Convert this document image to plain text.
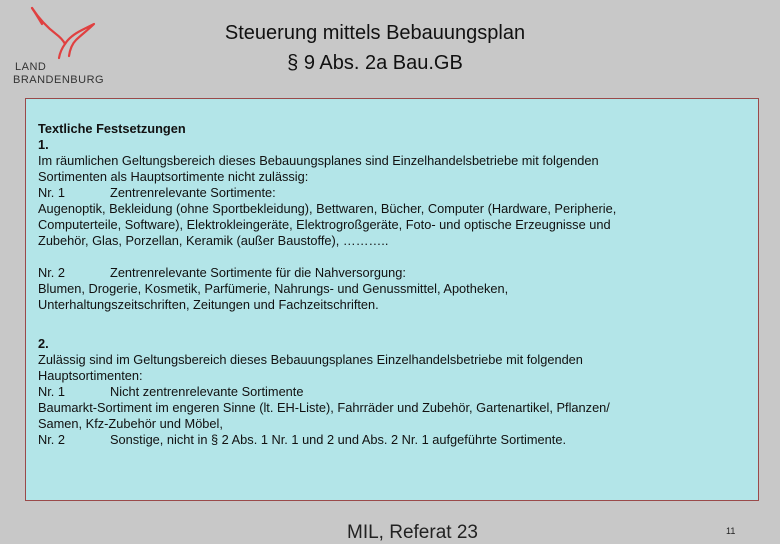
LAND
BRANDENBURG
Steuerung mittels Bebauungsplan
§ 9 Abs. 2a Bau.GB
Textliche Festsetzungen
1.
Im räumlichen Geltungsbereich dieses Bebauungsplanes sind Einzelhandelsbetriebe mit folgenden
Sortimenten als Hauptsortimente nicht zulässig:
Nr. 1	Zentrenrelevante Sortimente:
Augenoptik, Bekleidung (ohne Sportbekleidung), Bettwaren, Bücher, Computer (Hardware, Peripherie,
Computerteile, Software), Elektrokleingeräte, Elektrogroßgeräte, Foto- und optische Erzeugnisse und
Zubehör, Glas, Porzellan, Keramik (außer Baustoffe), ………..
Nr. 2	Zentrenrelevante Sortimente für die Nahversorgung:
Blumen, Drogerie, Kosmetik, Parfümerie, Nahrungs- und Genussmittel, Apotheken,
Unterhaltungszeitschriften, Zeitungen und Fachzeitschriften.
2.
Zulässig sind im Geltungsbereich dieses Bebauungsplanes Einzelhandelsbetriebe mit folgenden
Hauptsortimenten:
Nr. 1	Nicht zentrenrelevante Sortimente
Baumarkt-Sortiment im engeren Sinne (lt. EH-Liste), Fahrräder und Zubehör, Gartenartikel, Pflanzen/
Samen, Kfz-Zubehör und Möbel,
Nr. 2	Sonstige, nicht in § 2 Abs. 1 Nr. 1 und 2 und Abs. 2 Nr. 1 aufgeführte Sortimente.
MIL, Referat 23	11
